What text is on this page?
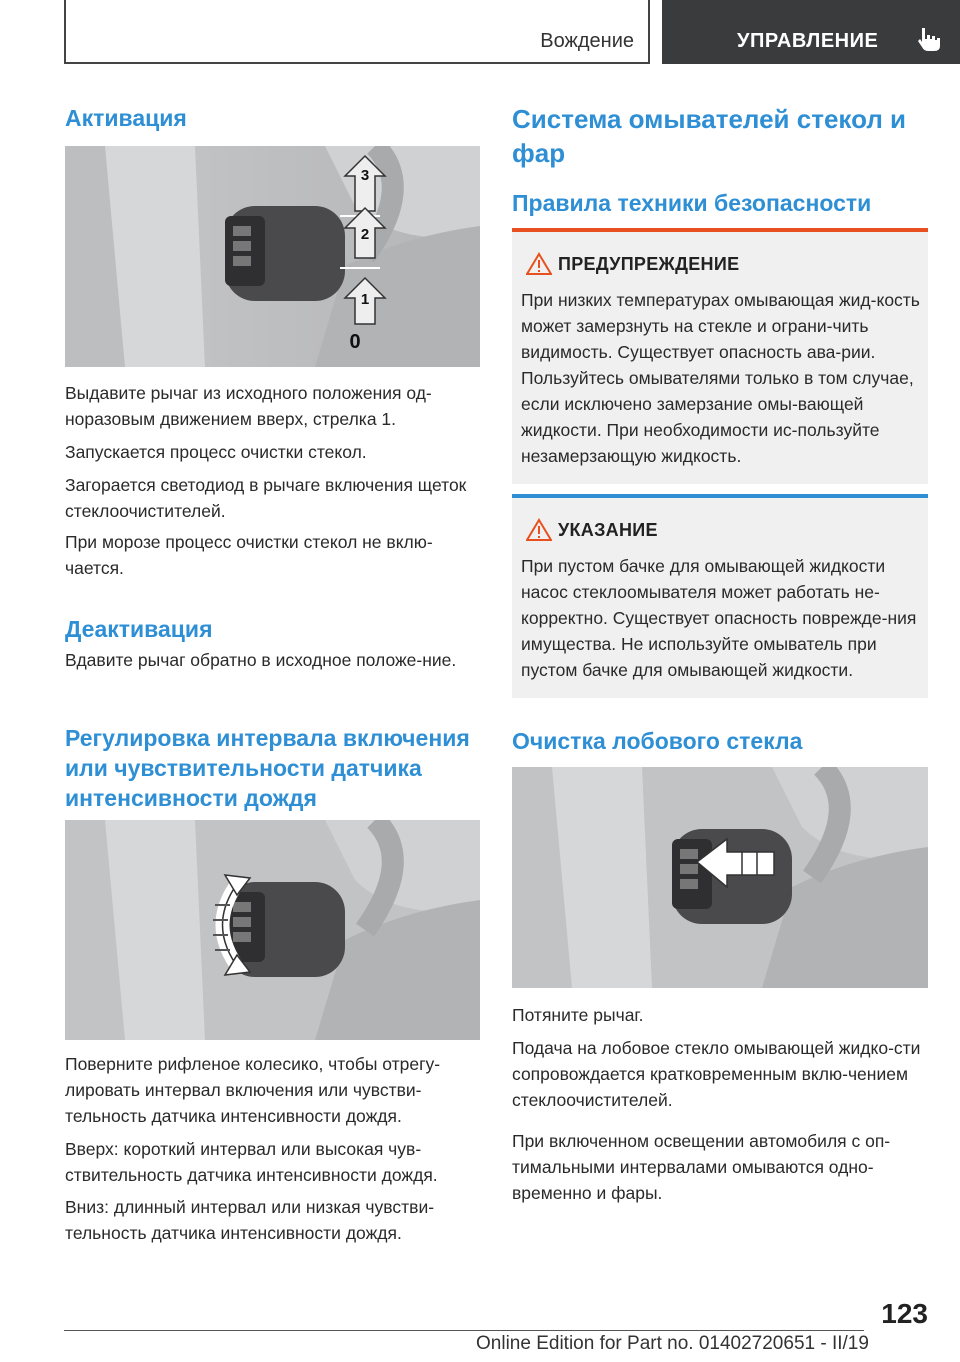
Вождение	УПРАВЛЕНИЕ
Активация
3
2
1
0

Выдавите рычаг из исходного положения од-норазовым движением вверх, стрелка 1.

Запускается процесс очистки стекол.

Загорается светодиод в рычаге включения щеток стеклоочистителей.

При морозе процесс очистки стекол не вклю-чается.

Деактивация

Вдавите рычаг обратно в исходное положе-ние.

Регулировка интервала включения или чувствительности датчика интенсивности дождя

Поверните рифленое колесико, чтобы отрегу-лировать интервал включения или чувстви-тельность датчика интенсивности дождя.

Вверх: короткий интервал или высокая чув-ствительность датчика интенсивности дождя.

Вниз: длинный интервал или низкая чувстви-тельность датчика интенсивности дождя.

Система омывателей стекол и фар
Правила техники безопасности
ПРЕДУПРЕЖДЕНИЕ

При низких температурах омывающая жид-кость может замерзнуть на стекле и ограни-чить видимость. Существует опасность ава-рии. Пользуйтесь омывателями только в том случае, если исключено замерзание омы-вающей жидкости. При необходимости ис-пользуйте незамерзающую жидкость.

УКАЗАНИЕ

При пустом бачке для омывающей жидкости насос стеклоомывателя может работать не-корректно. Существует опасность поврежде-ния имущества. Не используйте омыватель при пустом бачке для омывающей жидкости.

Очистка лобового стекла

Потяните рычаг.

Подача на лобовое стекло омывающей жидко-сти сопровождается кратковременным вклю-чением стеклоочистителей.

При включенном освещении автомобиля с оп-тимальными интервалами омываются одно-временно и фары.

123
Online Edition for Part no. 01402720651 - II/19
